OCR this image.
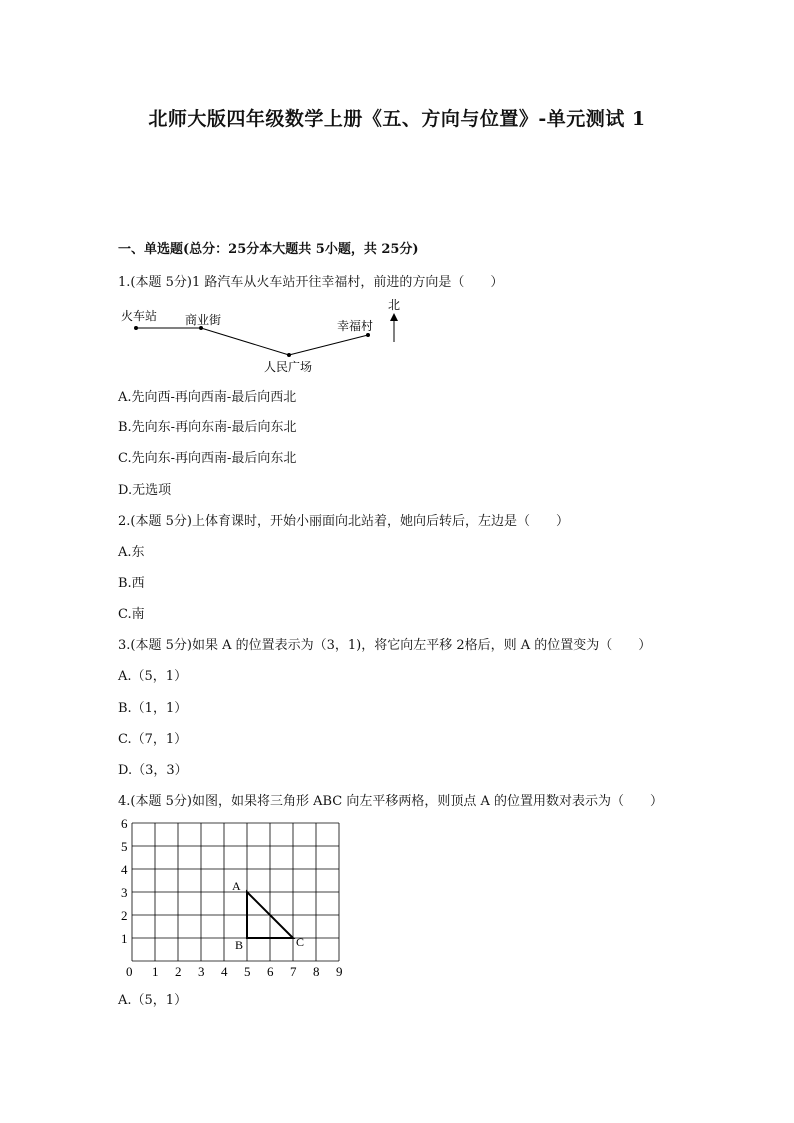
北师大版四年级数学上册《五、方向与位置》-单元测试 1
一、单选题(总分：25分本大题共 5小题，共 25分)
1.(本题 5分)1 路汽车从火车站开往幸福村，前进的方向是（　　）
火车站 商业街
人民广场
幸福村
北
A.先向西-再向西南-最后向西北
B.先向东-再向东南-最后向东北
C.先向东-再向西南-最后向东北
D.无选项
2.(本题 5分)上体育课时，开始小丽面向北站着，她向后转后，左边是（　　）
A.东
B.西
C.南
3.(本题 5分)如果 A 的位置表示为（3，1)，将它向左平移 2格后，则 A 的位置变为（　　）
A.（5，1）
B.（1，1）
C.（7，1）
D.（3，3）
4.(本题 5分)如图，如果将三角形 ABC 向左平移两格，则顶点 A 的位置用数对表示为（　　）
0 1 2 3 4 5 6 7 8 9
1
2
3
4
5
6
A
B	C
A.（5，1）
